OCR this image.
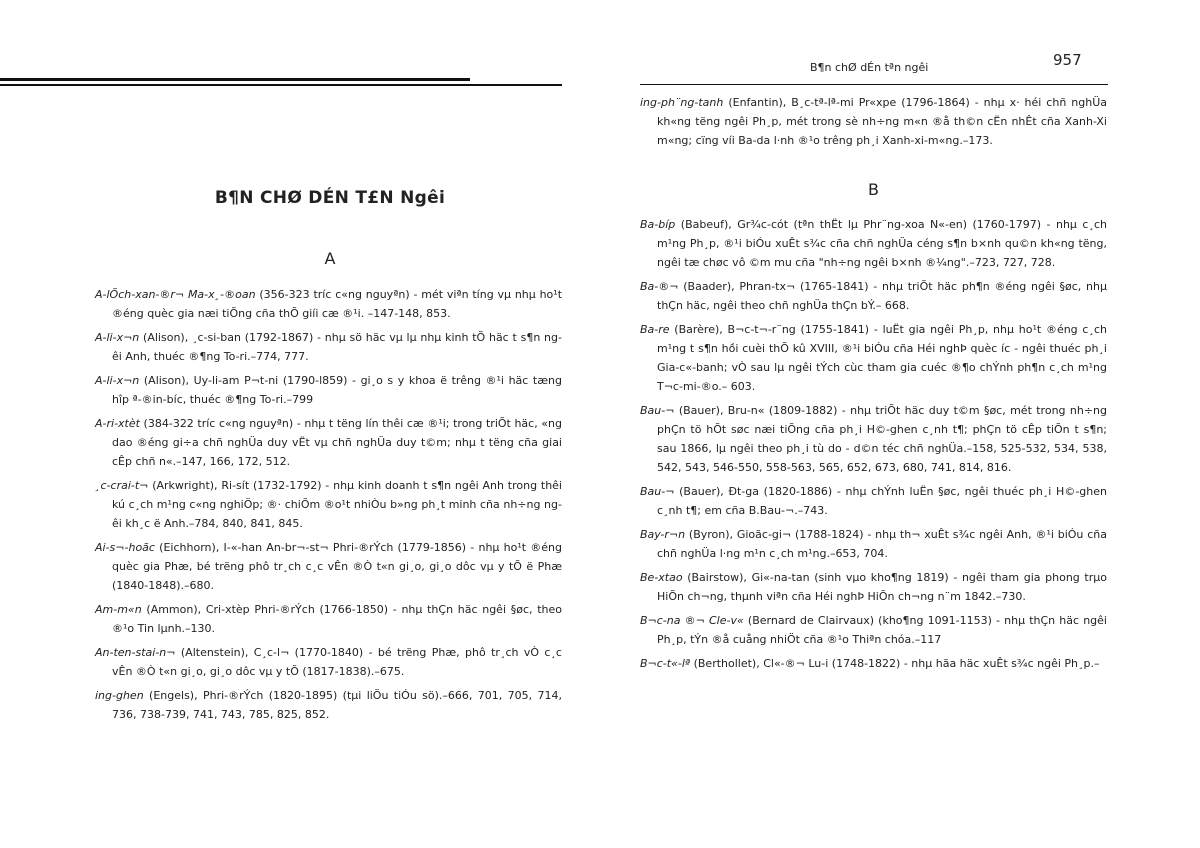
B¶N CHØ DÉN T£N Ngêi
A

A-lÕch-xan-®r¬ Ma-x¸-®oan (356-323 tríc c«ng nguyªn) - mét viªn tíng vµ nhµ ho¹t ®éng quèc gia næi tiÕng cña thÕ giíi cæ ®¹i. –147-148, 853.

A-li-x¬n (Alison), ¸c-si-ban (1792-1867) - nhµ sö häc vµ lµ nhµ kinh tÕ häc t s¶n ngêi Anh, thuéc ®¶ng To-ri.–774, 777.

A-li-x¬n (Alison), Uy-li-am P¬t-ni (1790-l859) - gi¸o s y khoa ë trêng ®¹i häc tæng hîp ª-®in-bíc, thuéc ®¶ng To-ri.–799

A-ri-xtèt (384-322 tríc c«ng nguyªn) - nhµ t tëng lín thêi cæ ®¹i; trong triÕt häc, «ng dao ®éng gi÷a chñ nghÜa duy vËt vµ chñ nghÜa duy t©m; nhµ t tëng cña giai cÊp chñ n«.–147, 166, 172, 512.

¸c-crai-t¬ (Arkwright), Ri-sít (1732-1792) - nhµ kinh doanh t s¶n ngêi Anh trong thêi kú c¸ch m¹ng c«ng nghiÖp; ®· chiÕm ®o¹t nhiÒu b»ng ph¸t minh cña nh÷ng ngêi kh¸c ë Anh.–784, 840, 841, 845.

Ai-s¬-hoãc (Eichhorn), I-«-han An-br¬-st¬ Phri-®rÝch (1779-1856) - nhµ ho¹t ®éng quèc gia Phæ, bé trëng phô tr¸ch c¸c vÊn ®Ò t«n gi¸o, gi¸o dôc vµ y tÕ ë Phæ (1840-1848).–680.

Am-m«n (Ammon), Cri-xtèp Phri-®rÝch (1766-1850) - nhµ thÇn häc ngêi §øc, theo ®¹o Tin lµnh.–130.

An-ten-stai-n¬ (Altenstein), C¸c-l¬ (1770-1840) - bé trëng Phæ, phô tr¸ch vÒ c¸c vÊn ®Ò t«n gi¸o, gi¸o dôc vµ y tÕ (1817-1838).–675.

ing-ghen (Engels), Phri-®rÝch (1820-1895) (tµi liÖu tiÓu sö).–666, 701, 705, 714, 736, 738-739, 741, 743, 785, 825, 852.

B¶n chØ dÉn tªn ngêi	957

ing-ph¨ng-tanh (Enfantin), B¸c-tª-lª-mi Pr«xpe (1796-1864) - nhµ x· héi chñ nghÜa kh«ng tëng ngêi Ph¸p, mét trong sè nh÷ng m«n ®å th©n cËn nhÊt cña Xanh-Xi m«ng; cïng víi Ba-da l·nh ®¹o trêng ph¸i Xanh-xi-m«ng.–173.

B

Ba-bíp (Babeuf), Gr¾c-cót (tªn thËt lµ Phr¨ng-xoa N«-en) (1760-1797) - nhµ c¸ch m¹ng Ph¸p, ®¹i biÓu xuÊt s¾c cña chñ nghÜa céng s¶n b×nh qu©n kh«ng tëng, ngêi tæ chøc vô ©m mu cña "nh÷ng ngêi b×nh ®¼ng".–723, 727, 728.

Ba-®¬ (Baader), Phran-tx¬ (1765-1841) - nhµ triÕt häc ph¶n ®éng ngêi §øc, nhµ thÇn häc, ngêi theo chñ nghÜa thÇn bÝ.– 668.

Ba-re (Barère), B¬c-t¬-r¨ng (1755-1841) - luËt gia ngêi Ph¸p, nhµ ho¹t ®éng c¸ch m¹ng t s¶n hồi cuèi thÕ kû XVIII, ®¹i biÓu cña Héi nghÞ quèc íc - ngêi thuéc ph¸i Gia-c«-banh; vÒ sau lµ ngêi tÝch cùc tham gia cuéc ®¶o chÝnh ph¶n c¸ch m¹ng T¬c-mi-®o.– 603.

Bau-¬ (Bauer), Bru-n« (1809-1882) - nhµ triÕt häc duy t©m §øc, mét trong nh÷ng phÇn tö hÕt søc næi tiÕng cña ph¸i H©-ghen c¸nh t¶; phÇn tö cÊp tiÕn t s¶n; sau 1866, lµ ngêi theo ph¸i tù do - d©n téc chñ nghÜa.–158, 525-532, 534, 538, 542, 543, 546-550, 558-563, 565, 652, 673, 680, 741, 814, 816.

Bau-¬ (Bauer), Ðt-ga (1820-1886) - nhµ chÝnh luËn §øc, ngêi thuéc ph¸i H©-ghen c¸nh t¶; em cña B.Bau-¬.–743.

Bay-r¬n (Byron), Gioãc-gi¬ (1788-1824) - nhµ th¬ xuÊt s¾c ngêi Anh, ®¹i biÓu cña chñ nghÜa l·ng m¹n c¸ch m¹ng.–653, 704.

Be-xtao (Bairstow), Gi«-na-tan (sinh vµo kho¶ng 1819) - ngêi tham gia phong trµo HiÕn ch¬ng, thµnh viªn cña Héi nghÞ HiÕn ch¬ng n¨m 1842.–730.

B¬c-na ®¬ Cle-v« (Bernard de Clairvaux) (kho¶ng 1091-1153) - nhµ thÇn häc ngêi Ph¸p, tÝn ®å cuång nhiÖt cña ®¹o Thiªn chóa.–117

B¬c-t«-lª (Berthollet), Cl«-®¬ Lu-i (1748-1822) - nhµ hãa häc xuÊt s¾c ngêi Ph¸p.–
